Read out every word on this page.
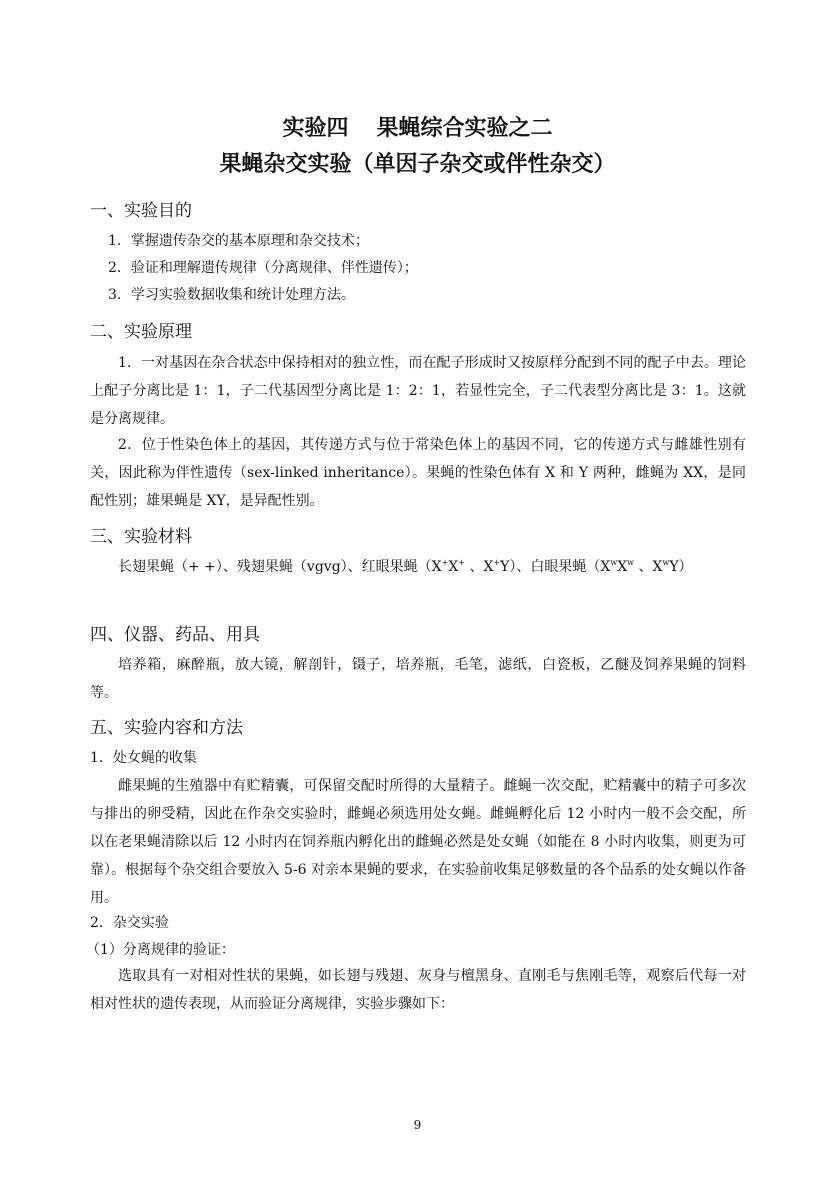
实验四 果蝇综合实验之二
果蝇杂交实验（单因子杂交或伴性杂交）
一、实验目的
1．掌握遗传杂交的基本原理和杂交技术；
2．验证和理解遗传规律（分离规律、伴性遗传）；
3．学习实验数据收集和统计处理方法。
二、实验原理

1．一对基因在杂合状态中保持相对的独立性，而在配子形成时又按原样分配到不同的配子中去。理论上配子分离比是 1：1，子二代基因型分离比是 1：2：1，若显性完全，子二代表型分离比是 3：1。这就是分离规律。

2．位于性染色体上的基因，其传递方式与位于常染色体上的基因不同，它的传递方式与雌雄性别有关，因此称为伴性遗传（sex-linked inheritance）。果蝇的性染色体有 X 和 Y 两种，雌蝇为 XX，是同配性别；雄果蝇是 XY，是异配性别。

三、实验材料

长翅果蝇（+ +）、残翅果蝇（vgvg）、红眼果蝇（X+X+ 、X+Y）、白眼果蝇（$X^wX^w$ 、$X^wY$）

四、仪器、药品、用具

培养箱，麻醉瓶，放大镜，解剖针，镊子，培养瓶，毛笔，滤纸，白瓷板，乙醚及饲养果蝇的饲料等。

五、实验内容和方法
1．处女蝇的收集

雌果蝇的生殖器中有贮精囊，可保留交配时所得的大量精子。雌蝇一次交配，贮精囊中的精子可多次与排出的卵受精，因此在作杂交实验时，雌蝇必须选用处女蝇。雌蝇孵化后 12 小时内一般不会交配，所以在老果蝇清除以后 12 小时内在饲养瓶内孵化出的雌蝇必然是处女蝇（如能在 8 小时内收集，则更为可靠）。根据每个杂交组合要放入 5-6 对亲本果蝇的要求，在实验前收集足够数量的各个品系的处女蝇以作备用。

2．杂交实验
（1）分离规律的验证：

选取具有一对相对性状的果蝇，如长翅与残翅、灰身与檀黑身、直刚毛与焦刚毛等，观察后代每一对相对性状的遗传表现，从而验证分离规律，实验步骤如下：

9
